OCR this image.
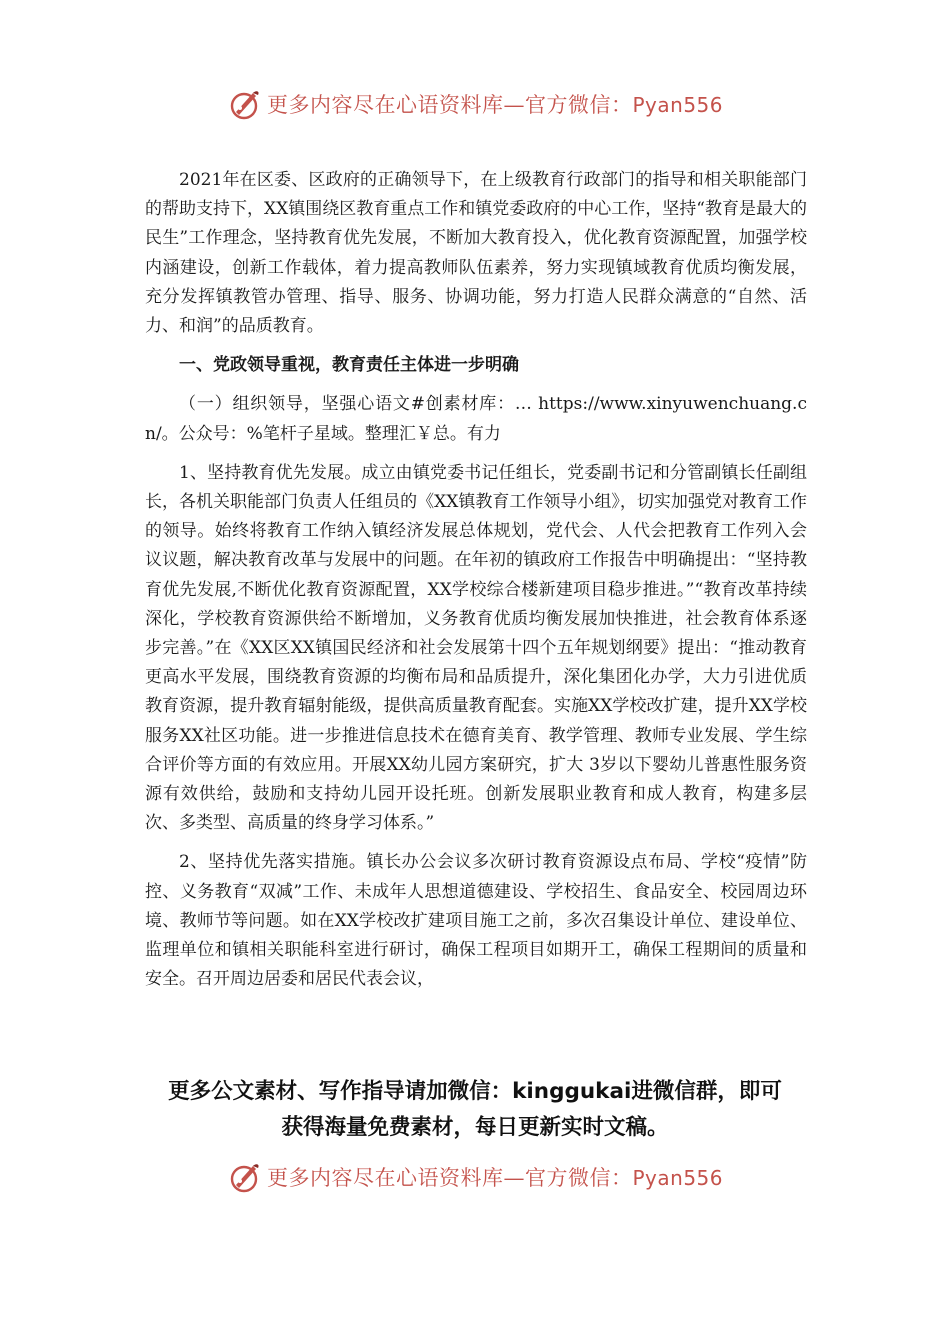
更多内容尽在心语资料库—官方微信：Pyan556

2021年在区委、区政府的正确领导下，在上级教育行政部门的指导和相关职能部门的帮助支持下，XX镇围绕区教育重点工作和镇党委政府的中心工作，坚持“教育是最大的民生”工作理念，坚持教育优先发展，不断加大教育投入，优化教育资源配置，加强学校内涵建设，创新工作载体，着力提高教师队伍素养，努力实现镇域教育优质均衡发展，充分发挥镇教管办管理、指导、服务、协调功能，努力打造人民群众满意的“自然、活力、和润”的品质教育。

一、党政领导重视，教育责任主体进一步明确

（一）组织领导，坚强心语文#创素材库：… https://www.xinyuwenchuang.cn/。公众号：%笔杆子星域。整理汇￥总。有力

1、坚持教育优先发展。成立由镇党委书记任组长，党委副书记和分管副镇长任副组长，各机关职能部门负责人任组员的《XX镇教育工作领导小组》，切实加强党对教育工作的领导。始终将教育工作纳入镇经济发展总体规划，党代会、人代会把教育工作列入会议议题，解决教育改革与发展中的问题。在年初的镇政府工作报告中明确提出：“坚持教育优先发展,不断优化教育资源配置，XX学校综合楼新建项目稳步推进。”“教育改革持续深化，学校教育资源供给不断增加，义务教育优质均衡发展加快推进，社会教育体系逐步完善。”在《XX区XX镇国民经济和社会发展第十四个五年规划纲要》提出：“推动教育更高水平发展，围绕教育资源的均衡布局和品质提升，深化集团化办学，大力引进优质教育资源，提升教育辐射能级，提供高质量教育配套。实施XX学校改扩建，提升XX学校服务XX社区功能。进一步推进信息技术在德育美育、教学管理、教师专业发展、学生综合评价等方面的有效应用。开展XX幼儿园方案研究，扩大 3岁以下婴幼儿普惠性服务资源有效供给，鼓励和支持幼儿园开设托班。创新发展职业教育和成人教育，构建多层次、多类型、高质量的终身学习体系。”

2、坚持优先落实措施。镇长办公会议多次研讨教育资源设点布局、学校“疫情”防控、义务教育“双减”工作、未成年人思想道德建设、学校招生、食品安全、校园周边环境、教师节等问题。如在XX学校改扩建项目施工之前，多次召集设计单位、建设单位、监理单位和镇相关职能科室进行研讨，确保工程项目如期开工，确保工程期间的质量和安全。召开周边居委和居民代表会议，

更多公文素材、写作指导请加微信：kinggukai进微信群，即可
获得海量免费素材，每日更新实时文稿。
更多内容尽在心语资料库—官方微信：Pyan556
